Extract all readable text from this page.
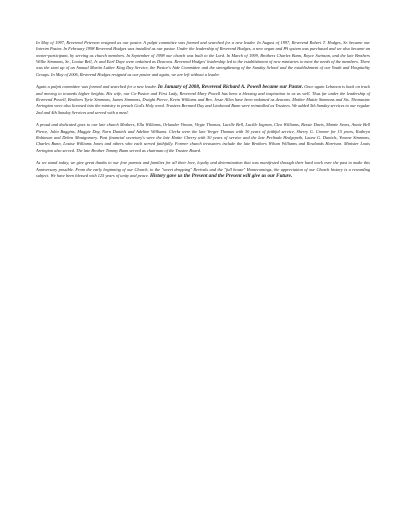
In May of 1997, Reverend Peterson resigned as our pastor. A pulpit committee was formed and searched for a new leader. In August of 1997, Reverend Robert T. Hodges, Sr. became our Interim Pastor. In February 1998 Reverend Hodges was installed as our pastor. Under the leadership of Reverend Hodges, a new organ and PA system was purchased and we also became an owner-participant, by serving as church members. In September of 1998 our church was built to the Lord. In March of 1999, Brothers Charles Bunn, Royce Swinson, and the late Brothers Willie Simmons, Sr., Louise Bell, Jr. and Earl Daye were ordained as Deacons. Reverend Hodges' leadership led to the establishment of new ministries to meet the needs of the members. There was the start up of an Annual Martin Luther King Day Service, the Pastor's Aide Committee and the strengthening of the Sunday School and the establishment of our Youth and Hospitality Groups. In May of 2006, Reverend Hodges resigned as our pastor and again, we are left without a leader.

Again a pulpit committee was formed and searched for a new leader. In January of 2008, Reverend Richard A. Powell became our Pastor. Once again Lebanon is back on track and moving to towards higher heights. His wife, our Co-Pastor and First Lady, Reverend Mary Powell has been a blessing and inspiration to us as well. Thus far under the leadership of Reverend Powell, Brothers Tyrie Simmons, James Simmons, Dwight Pierce, Kevin Williams and Bro. Jesse Allen have been ordained as deacons. Mother Mattie Simmons and Sis. Thomasine Arrington were also licensed into the ministry to preach God's Holy word. Trustees Bernard Day and Lindwood Bunn were reinstalled as Trustees. We added 5th Sunday services to our regular 2nd and 4th Sunday Services and served with a meal.

A proud and dedicated goes to our late church Mothers, Ella Williams, Orlander Vinson, Virgie Thomas, Lucille Bell, Lucille Ingram, Cleo Williams, Bessie Davis, Mamie Sears, Annie Bell Pierce, Julia Baggins, Maggie Day, Nora Daniels and Adeline Williams. Clerks were the late Verger Thomas with 30 years of faithful service, Sherry G. Cromer for 15 years, Kathryn Robinson and Debra Montgomery. Past financial secretary's were the late Hattie Cherry with 30 years of service and the late Perlinda Hedgepeth, Laura G. Daniels, Yvonne Simmons, Charles Bunn, Louise Williams Jones and others who each served faithfully. Former church treasurers include the late Brothers Wilson Williams and Rowlands Harrison. Minister Louis Arrington also served. The late Brother Tommy Bunn served as chairman of the Trustee Board.

As we stand today, we give great thanks to our fore parents and families for all their love, loyalty and determination that was manifested through their hard work over the past to make this Anniversary possible. From the early beginning of our Church, to the "sweet dropping" Revivals and the "full house" Homecomings, the appreciation of our Church history is a rewarding subject. We have been blessed with 125 years of unity and peace. History gave us the Present and the Present will give us our Future.
